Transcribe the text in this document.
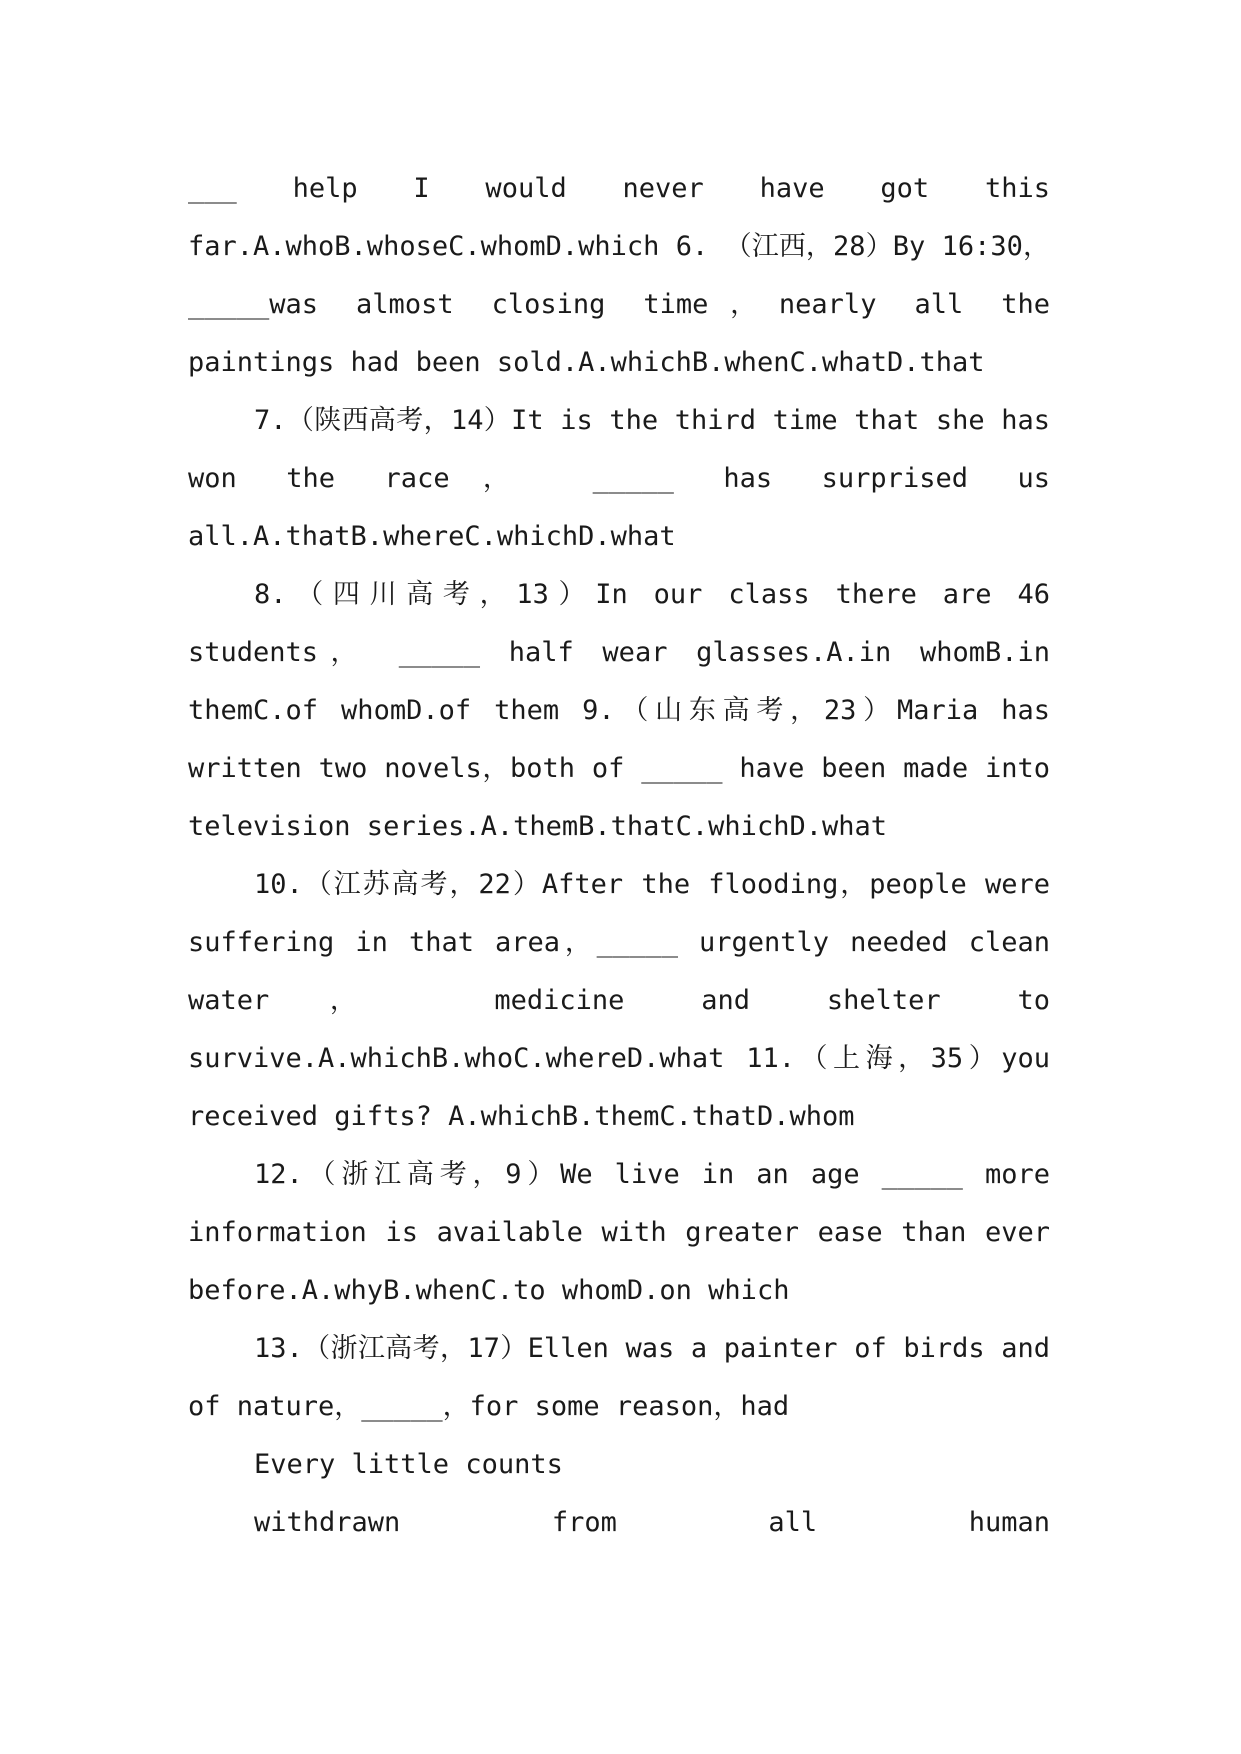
___ help I would never have got this far.A.whoB.whoseC.whomD.which 6. （江西，28）By 16:30，_____was almost closing time，nearly all the paintings had been sold.A.whichB.whenC.whatD.that

7.（陕西高考，14）It is the third time that she has won the race， _____ has surprised us all.A.thatB.whereC.whichD.what

8.（四川高考，13）In our class there are 46 students， _____ half wear glasses.A.in whomB.in themC.of whomD.of them 9.（山东高考，23）Maria has written two novels，both of _____ have been made into television series.A.themB.thatC.whichD.what

10.（江苏高考，22）After the flooding，people were suffering in that area，_____ urgently needed clean water， medicine and shelter to survive.A.whichB.whoC.whereD.what 11.（上海，35）you received gifts? A.whichB.themC.thatD.whom

12.（浙江高考，9）We live in an age _____ more information is available with greater ease than ever before.A.whyB.whenC.to whomD.on which

13.（浙江高考，17）Ellen was a painter of birds and of nature，_____，for some reason，had

Every little counts

withdrawn from all human
